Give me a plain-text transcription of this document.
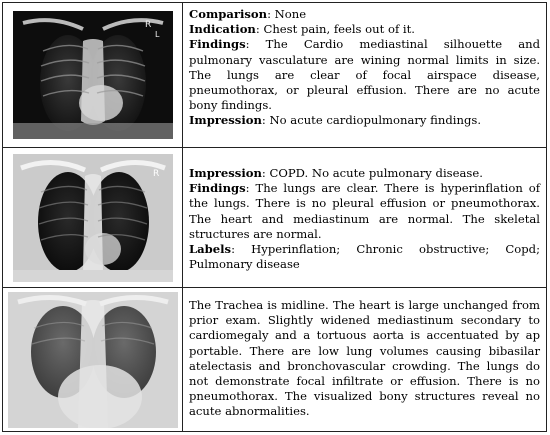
R
L

Comparison: None

Indication: Chest pain, feels out of it.

Findings: The Cardio mediastinal silhouette and pulmonary vasculature are wining normal limits in size. The lungs are clear of focal airspace disease, pneumothorax, or pleural effusion. There are no acute bony findings.

Impression: No acute cardiopulmonary findings.

R	Impression: COPD. No acute pulmonary disease.

Findings: The lungs are clear. There is hyperinflation of the lungs. There is no pleural effusion or pneumothorax. The heart and mediastinum are normal. The skeletal structures are normal.

Labels: Hyperinflation; Chronic obstructive; Copd; Pulmonary disease

The Trachea is midline. The heart is large unchanged from prior exam. Slightly widened mediastinum secondary to cardiomegaly and a tortuous aorta is accentuated by ap portable. There are low lung volumes causing bibasilar atelectasis and bronchovascular crowding. The lungs do not demonstrate focal infiltrate or effusion. There is no pneumothorax. The visualized bony structures reveal no acute abnormalities.
